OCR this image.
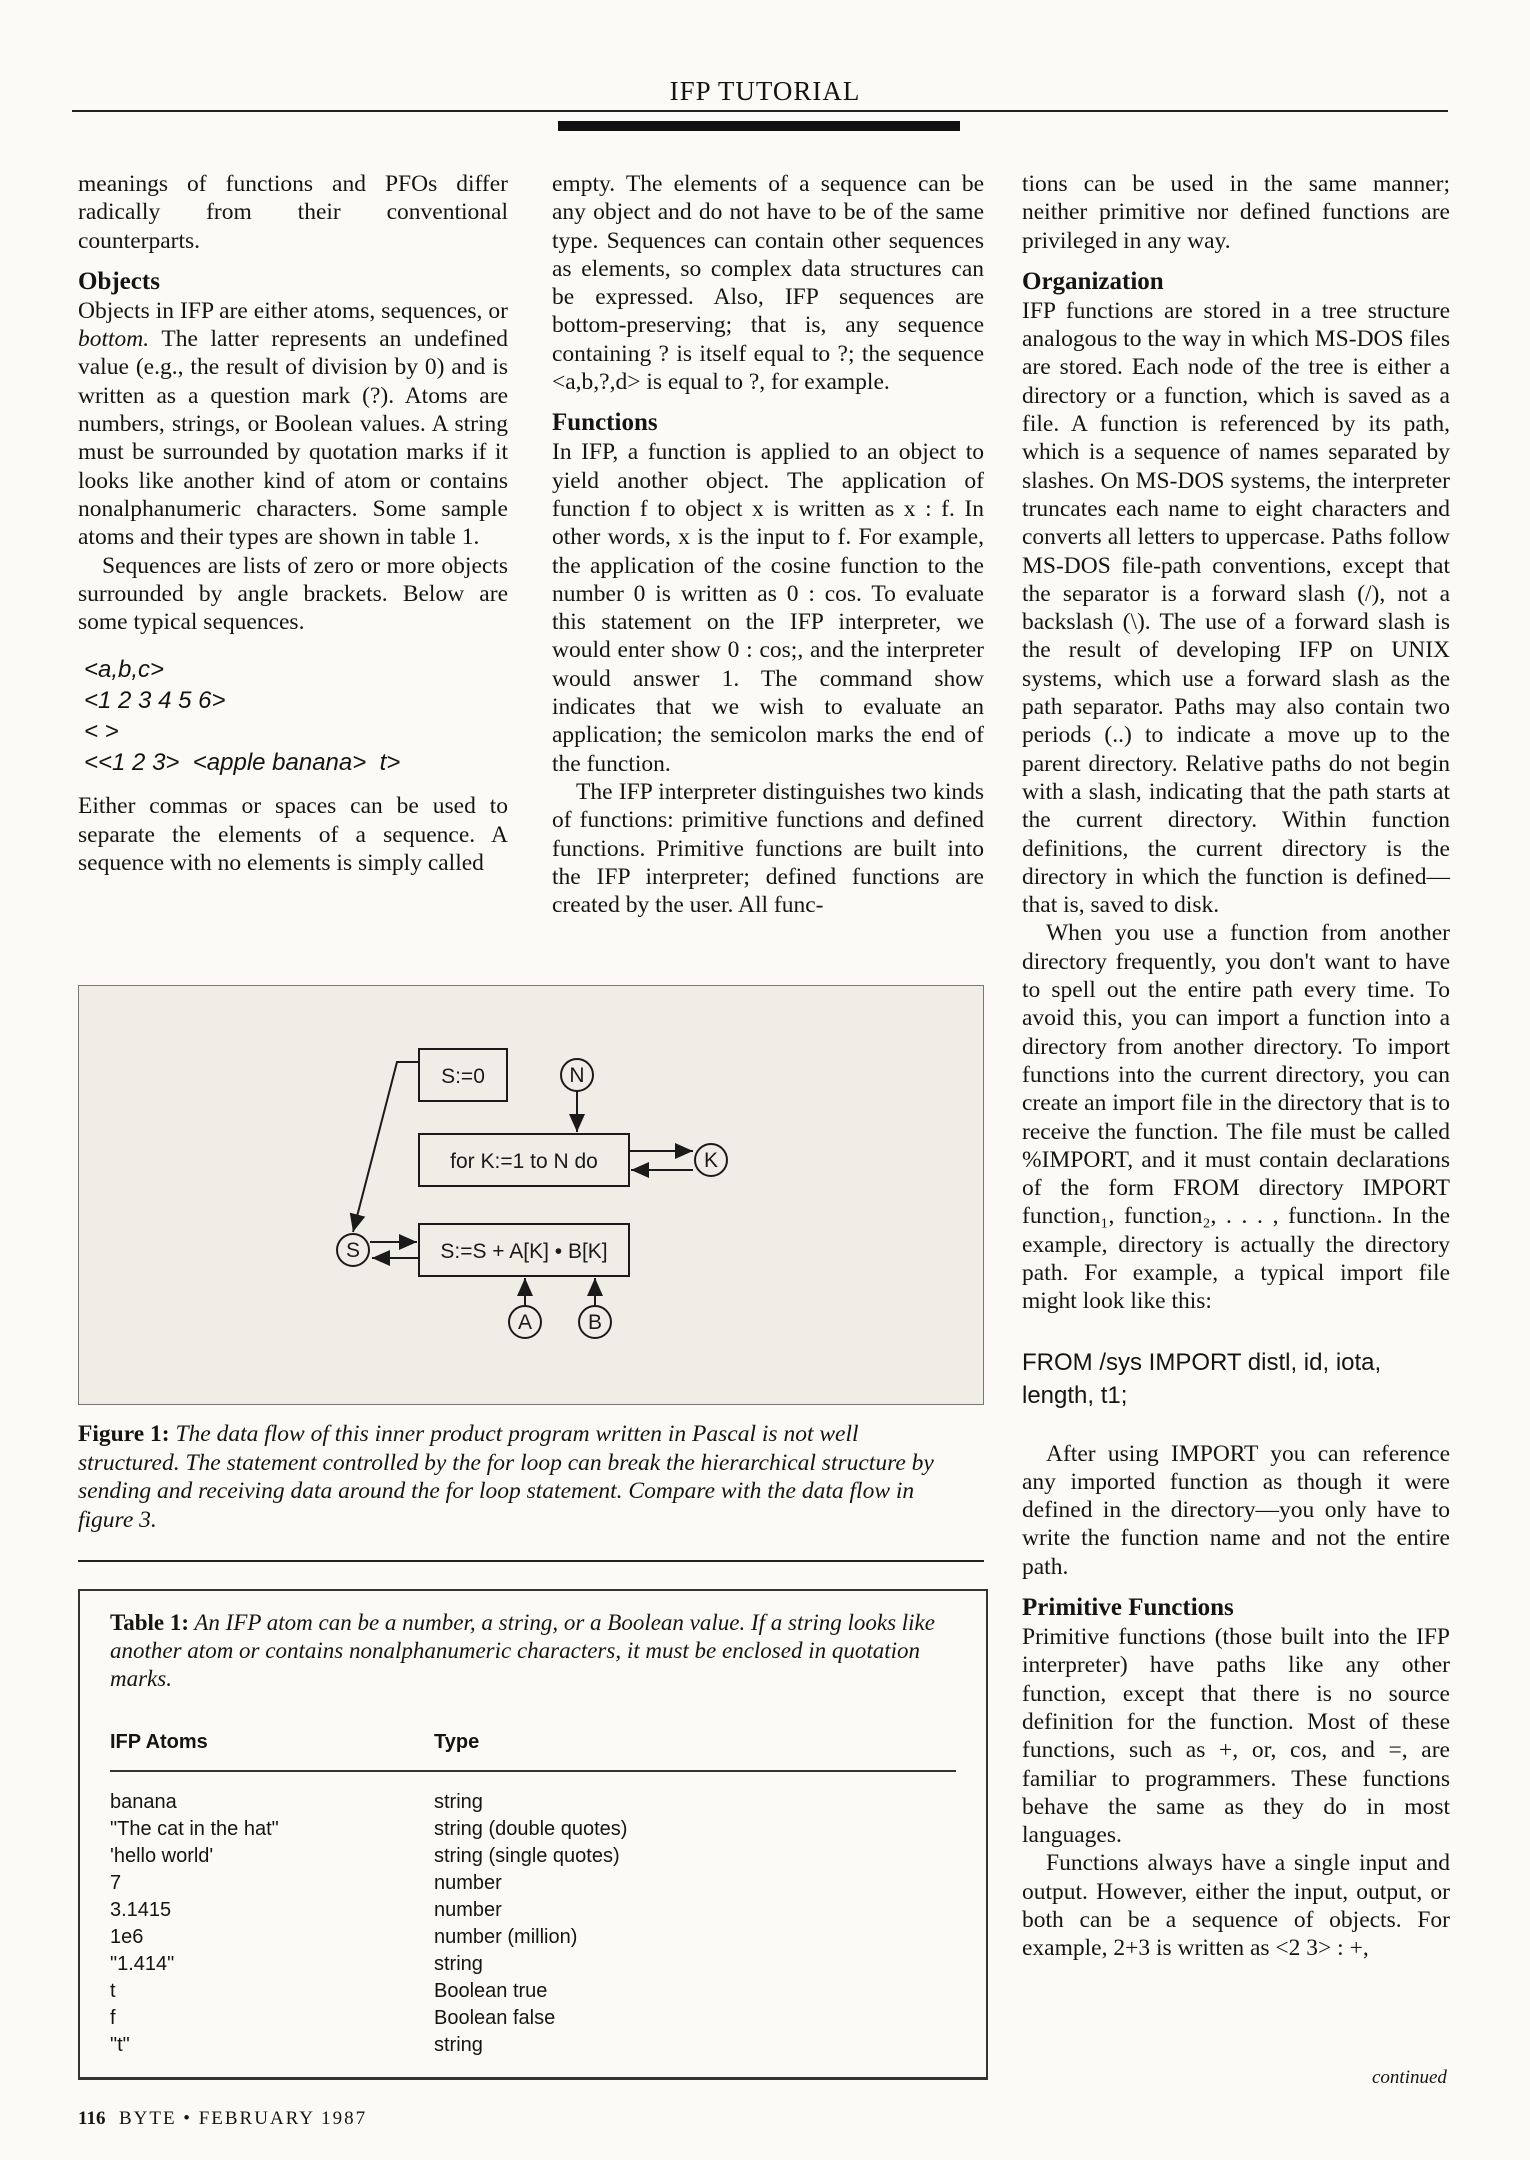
IFP TUTORIAL

meanings of functions and PFOs differ radically from their conventional counterparts.

Objects

Objects in IFP are either atoms, sequences, or bottom. The latter represents an undefined value (e.g., the result of division by 0) and is written as a question mark (?). Atoms are numbers, strings, or Boolean values. A string must be surrounded by quotation marks if it looks like another kind of atom or contains nonalphanumeric characters. Some sample atoms and their types are shown in table 1.

Sequences are lists of zero or more objects surrounded by angle brackets. Below are some typical sequences.

<a,b,c>
<1 2 3 4 5 6>
< >
<<1 2 3>  <apple banana>  t>

Either commas or spaces can be used to separate the elements of a sequence. A sequence with no elements is simply called

empty. The elements of a sequence can be any object and do not have to be of the same type. Sequences can contain other sequences as elements, so complex data structures can be expressed. Also, IFP sequences are bottom-preserving; that is, any sequence containing ? is itself equal to ?; the sequence <a,b,?,d> is equal to ?, for example.

Functions

In IFP, a function is applied to an object to yield another object. The application of function f to object x is written as x : f. In other words, x is the input to f. For example, the application of the cosine function to the number 0 is written as 0 : cos. To evaluate this statement on the IFP interpreter, we would enter show 0 : cos;, and the interpreter would answer 1. The command show indicates that we wish to evaluate an application; the semicolon marks the end of the function.

The IFP interpreter distinguishes two kinds of functions: primitive functions and defined functions. Primitive functions are built into the IFP interpreter; defined functions are created by the user. All func-

tions can be used in the same manner; neither primitive nor defined functions are privileged in any way.

Organization

IFP functions are stored in a tree structure analogous to the way in which MS-DOS files are stored. Each node of the tree is either a directory or a function, which is saved as a file. A function is referenced by its path, which is a sequence of names separated by slashes. On MS-DOS systems, the interpreter truncates each name to eight characters and converts all letters to uppercase. Paths follow MS-DOS file-path conventions, except that the separator is a forward slash (/), not a backslash (\). The use of a forward slash is the result of developing IFP on UNIX systems, which use a forward slash as the path separator. Paths may also contain two periods (..) to indicate a move up to the parent directory. Relative paths do not begin with a slash, indicating that the path starts at the current directory. Within function definitions, the current directory is the directory in which the function is defined—that is, saved to disk.

When you use a function from another directory frequently, you don't want to have to spell out the entire path every time. To avoid this, you can import a function into a directory from another directory. To import functions into the current directory, you can create an import file in the directory that is to receive the function. The file must be called %IMPORT, and it must contain declarations of the form FROM directory IMPORT function₁, function₂, . . . , functionₙ. In the example, directory is actually the directory path. For example, a typical import file might look like this:

FROM /sys IMPORT distl, id, iota, length, t1;

After using IMPORT you can reference any imported function as though it were defined in the directory—you only have to write the function name and not the entire path.

Primitive Functions

Primitive functions (those built into the IFP interpreter) have paths like any other function, except that there is no source definition for the function. Most of these functions, such as +, or, cos, and =, are familiar to programmers. These functions behave the same as they do in most languages.

Functions always have a single input and output. However, either the input, output, or both can be a sequence of objects. For example, 2+3 is written as <2 3> : +,

continued
S:=0	N
for K:=1 to N do	K
S	S:=S + A[K] • B[K]
A	B
Figure 1: The data flow of this inner product program written in Pascal is not well structured. The statement controlled by the for loop can break the hierarchical structure by sending and receiving data around the for loop statement. Compare with the data flow in figure 3.
Table 1: An IFP atom can be a number, a string, or a Boolean value. If a string looks like another atom or contains nonalphanumeric characters, it must be enclosed in quotation marks.
IFP Atoms	Type
banana	string
"The cat in the hat"	string (double quotes)
'hello world'	string (single quotes)
7	number
3.1415	number
1e6	number (million)
"1.414"	string
t	Boolean true
f	Boolean false
"t"	string
116 BYTE • FEBRUARY 1987
